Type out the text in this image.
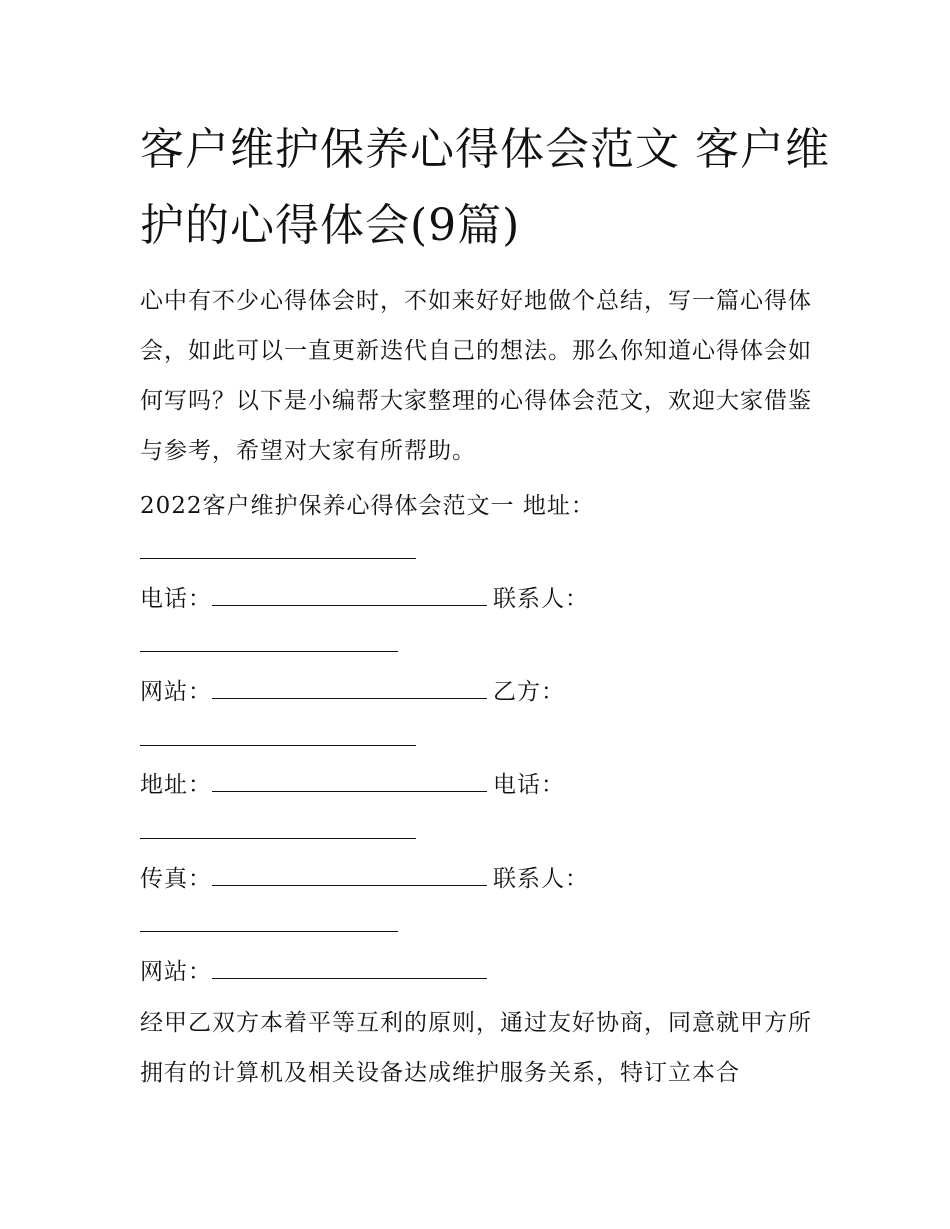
客户维护保养心得体会范文 客户维护的心得体会(9篇)

心中有不少心得体会时，不如来好好地做个总结，写一篇心得体会，如此可以一直更新迭代自己的想法。那么你知道心得体会如何写吗？以下是小编帮大家整理的心得体会范文，欢迎大家借鉴与参考，希望对大家有所帮助。

2022客户维护保养心得体会范文一 地址：

电话：	联系人：
网站：	乙方：
地址：	电话：
传真：	联系人：
网站：

经甲乙双方本着平等互利的原则，通过友好协商，同意就甲方所拥有的计算机及相关设备达成维护服务关系，特订立本合
